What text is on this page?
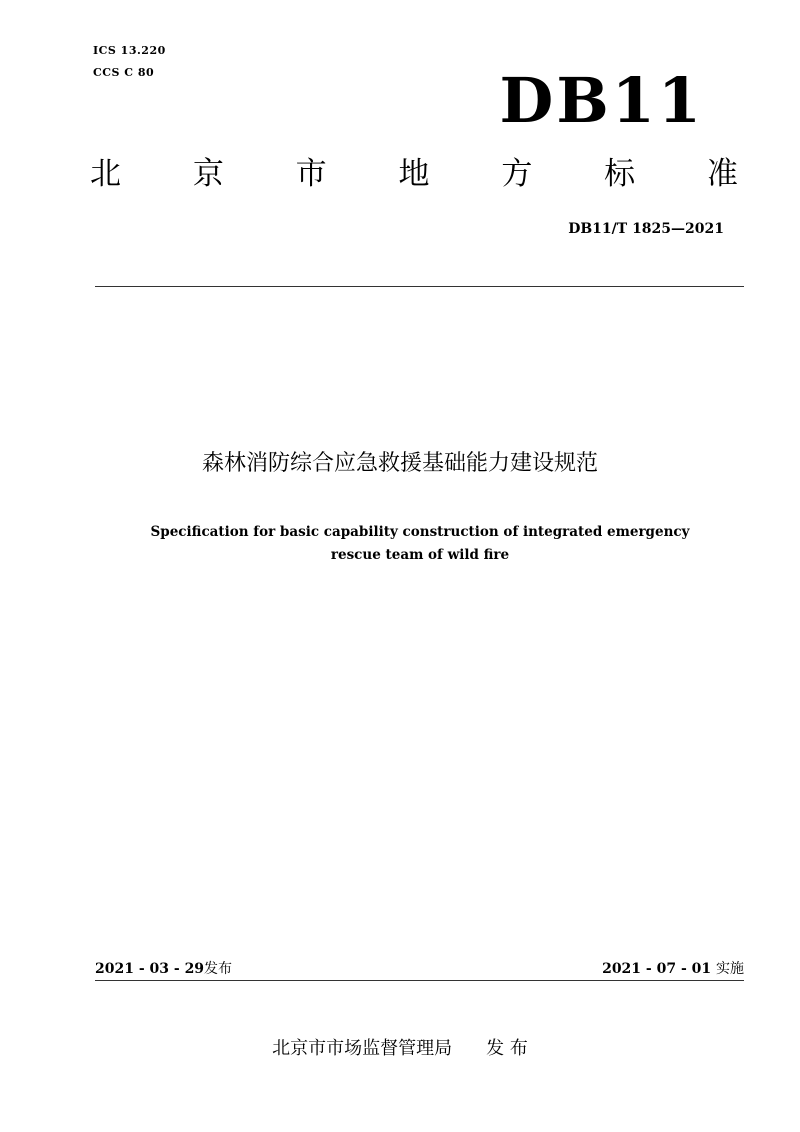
ICS 13.220
CCS C 80	DB11
北 京 市 地 方 标 准
DB11/T 1825—2021
森林消防综合应急救援基础能力建设规范
Specification for basic capability construction of integrated emergency
rescue team of wild fire
2021 - 03 - 29发布	2021 - 07 - 01 实施
北京市市场监督管理局 发 布
